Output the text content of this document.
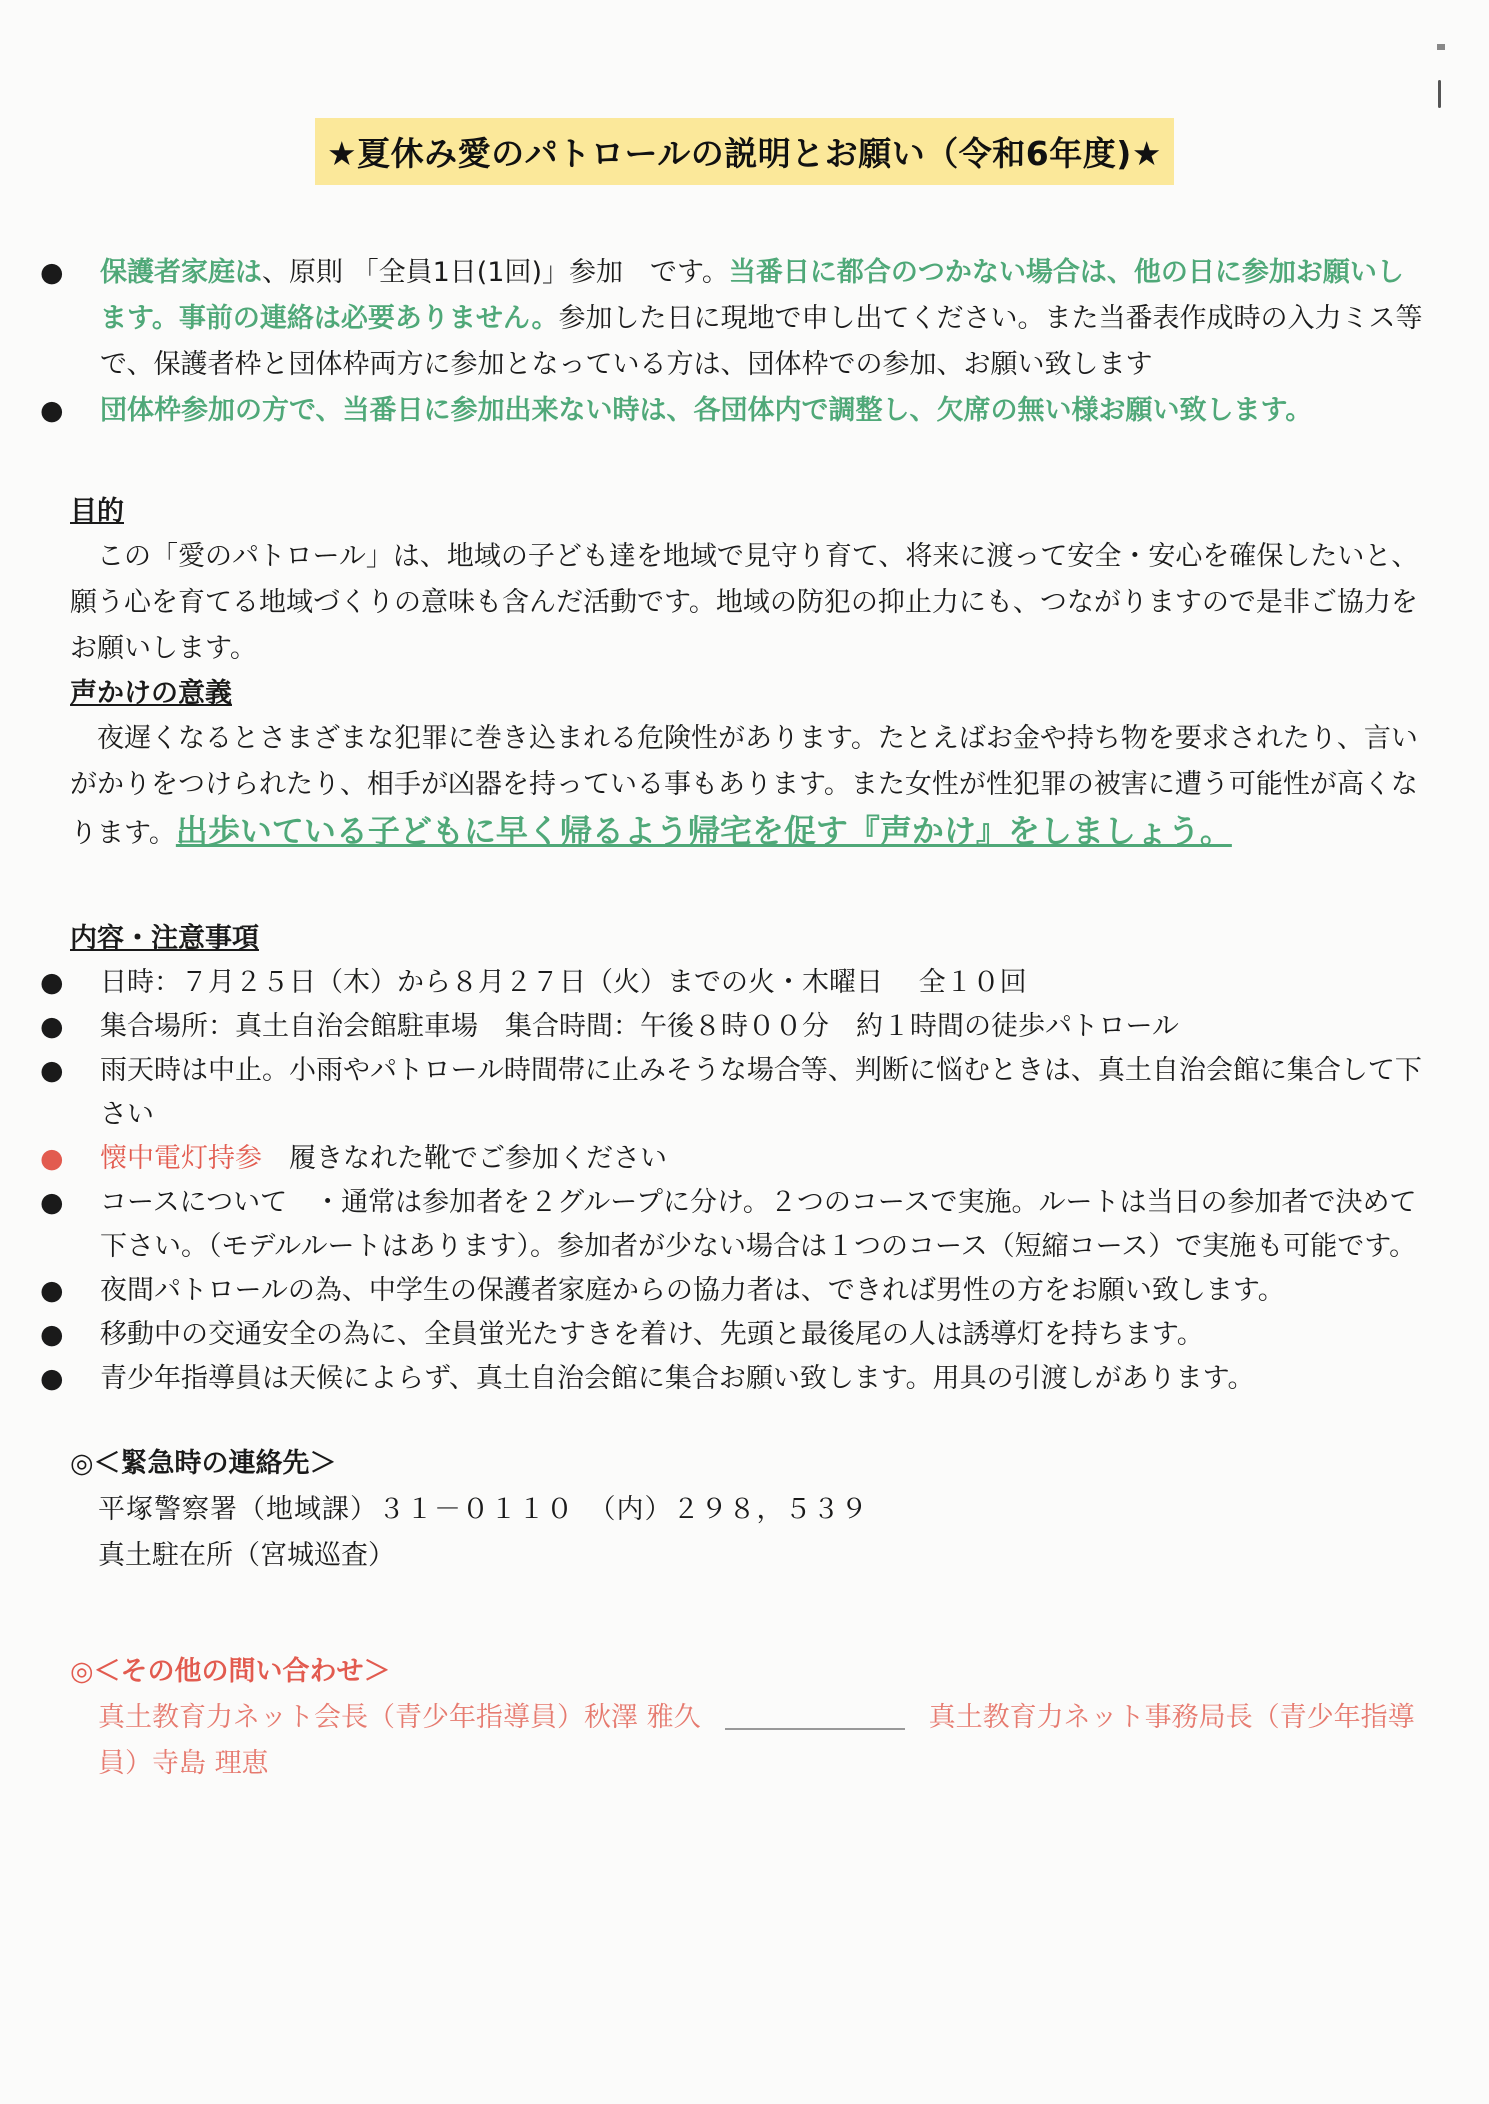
★夏休み愛のパトロールの説明とお願い（令和6年度)★

● 保護者家庭は、原則 「全員1日(1回)」参加　です。当番日に都合のつかない場合は、他の日に参加お願いします。事前の連絡は必要ありません。参加した日に現地で申し出てください。また当番表作成時の入力ミス等で、保護者枠と団体枠両方に参加となっている方は、団体枠での参加、お願い致します

● 団体枠参加の方で、当番日に参加出来ない時は、各団体内で調整し、欠席の無い様お願い致します。

目的

この「愛のパトロール」は、地域の子ども達を地域で見守り育て、将来に渡って安全・安心を確保したいと、願う心を育てる地域づくりの意味も含んだ活動です。地域の防犯の抑止力にも、つながりますので是非ご協力をお願いします。

声かけの意義

夜遅くなるとさまざまな犯罪に巻き込まれる危険性があります。たとえばお金や持ち物を要求されたり、言いがかりをつけられたり、相手が凶器を持っている事もあります。また女性が性犯罪の被害に遭う可能性が高くなります。出歩いている子どもに早く帰るよう帰宅を促す『声かけ』をしましょう。

内容・注意事項

● 日時：７月２５日（木）から８月２７日（火）までの火・木曜日　 全１０回

● 集合場所：真土自治会館駐車場　集合時間：午後８時００分　約１時間の徒歩パトロール

● 雨天時は中止。小雨やパトロール時間帯に止みそうな場合等、判断に悩むときは、真土自治会館に集合して下さい

● 懐中電灯持参　履きなれた靴でご参加ください

● コースについて　・通常は参加者を２グループに分け。２つのコースで実施。ルートは当日の参加者で決めて下さい。（モデルルートはあります）。参加者が少ない場合は１つのコース（短縮コース）で実施も可能です。

● 夜間パトロールの為、中学生の保護者家庭からの協力者は、できれば男性の方をお願い致します。

● 移動中の交通安全の為に、全員蛍光たすきを着け、先頭と最後尾の人は誘導灯を持ちます。

● 青少年指導員は天候によらず、真土自治会館に集合お願い致します。用具の引渡しがあります。

◎＜緊急時の連絡先＞

平塚警察署（地域課）３１－０１１０　（内）２９８，５３９

真土駐在所（宮城巡査）

◎＜その他の問い合わせ＞

真土教育力ネット会長（青少年指導員）秋澤 雅久	真土教育力ネット事務局長（青少年指導員）寺島 理恵
